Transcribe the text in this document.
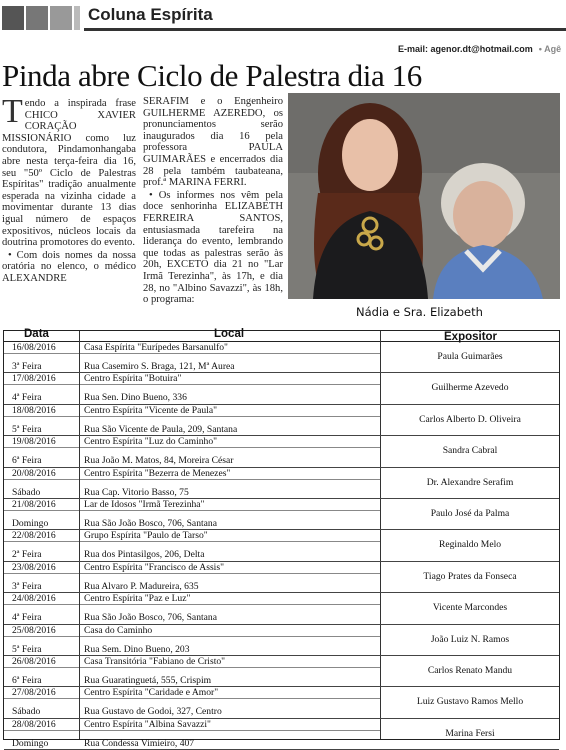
Coluna Espírita
E-mail: agenor.dt@hotmail.com • Agê
Pinda abre Ciclo de Palestra dia 16

Tendo a inspirada frase CHICO XAVIER CORAÇÃO MISSIONÁRIO como luz condutora, Pindamonhangaba abre nesta terça-feira dia 16, seu "50º Ciclo de Palestras Espíritas" tradição anualmente esperada na vizinha cidade a movimentar durante 13 dias igual número de espaços expositivos, núcleos locais da doutrina promotores do evento.

• Com dois nomes da nossa oratória no elenco, o médico ALEXANDRE

SERAFIM e o Engenheiro GUILHERME AZEREDO, os pronunciamentos serão inaugurados dia 16 pela professora PAULA GUIMARÃES e encerrados dia 28 pela também taubateana, prof.ª MARINA FERRI.

• Os informes nos vêm pela doce senhorinha ELIZABETH FERREIRA SANTOS, entusiasmada tarefeira na liderança do evento, lembrando que todas as palestras serão às 20h, EXCETO dia 21 no "Lar Irmã Terezinha", às 17h, e dia 28, no "Albino Savazzi", às 18h, o programa:

Nádia e Sra. Elizabeth
Data	Local	Expositor
16/08/2016
3ª Feira
Casa Espírita "Eurípedes Barsanulfo"
Rua Casemiro S. Braga, 121, Mª Aurea
Paula Guimarães
17/08/2016
4ª Feira
Centro Espírita "Botuira"
Rua Sen. Dino Bueno, 336
Guilherme Azevedo
18/08/2016
5ª Feira
Centro Espírita "Vicente de Paula"
Rua São Vicente de Paula, 209, Santana
Carlos Alberto D. Oliveira
19/08/2016
6ª Feira
Centro Espírita "Luz do Caminho"
Rua João M. Matos, 84, Moreira César
Sandra Cabral
20/08/2016
Sábado
Centro Espírita "Bezerra de Menezes"
Rua Cap. Vitorio Basso, 75
Dr. Alexandre Serafim
21/08/2016
Domingo
Lar de Idosos "Irmã Terezinha"
Rua São João Bosco, 706, Santana
Paulo José da Palma
22/08/2016
2ª Feira
Grupo Espírita "Paulo de Tarso"
Rua dos Pintasilgos, 206, Delta
Reginaldo Melo
23/08/2016
3ª Feira
Centro Espírita "Francisco de Assis"
Rua Alvaro P. Madureira, 635
Tiago Prates da Fonseca
24/08/2016
4ª Feira
Centro Espírita "Paz e Luz"
Rua São João Bosco, 706, Santana
Vicente Marcondes
25/08/2016
5ª Feira
Casa do Caminho
Rua Sem. Dino Bueno, 203
João Luiz N. Ramos
26/08/2016
6ª Feira
Casa Transitória "Fabiano de Cristo"
Rua Guaratinguetá, 555, Crispim
Carlos Renato Mandu
27/08/2016
Sábado
Centro Espírita "Caridade e Amor"
Rua Gustavo de Godoi, 327, Centro
Luiz Gustavo Ramos Mello
28/08/2016
Domingo
Centro Espírita "Albina Savazzi"
Rua Condessa Vimieiro, 407
Marina Fersi
